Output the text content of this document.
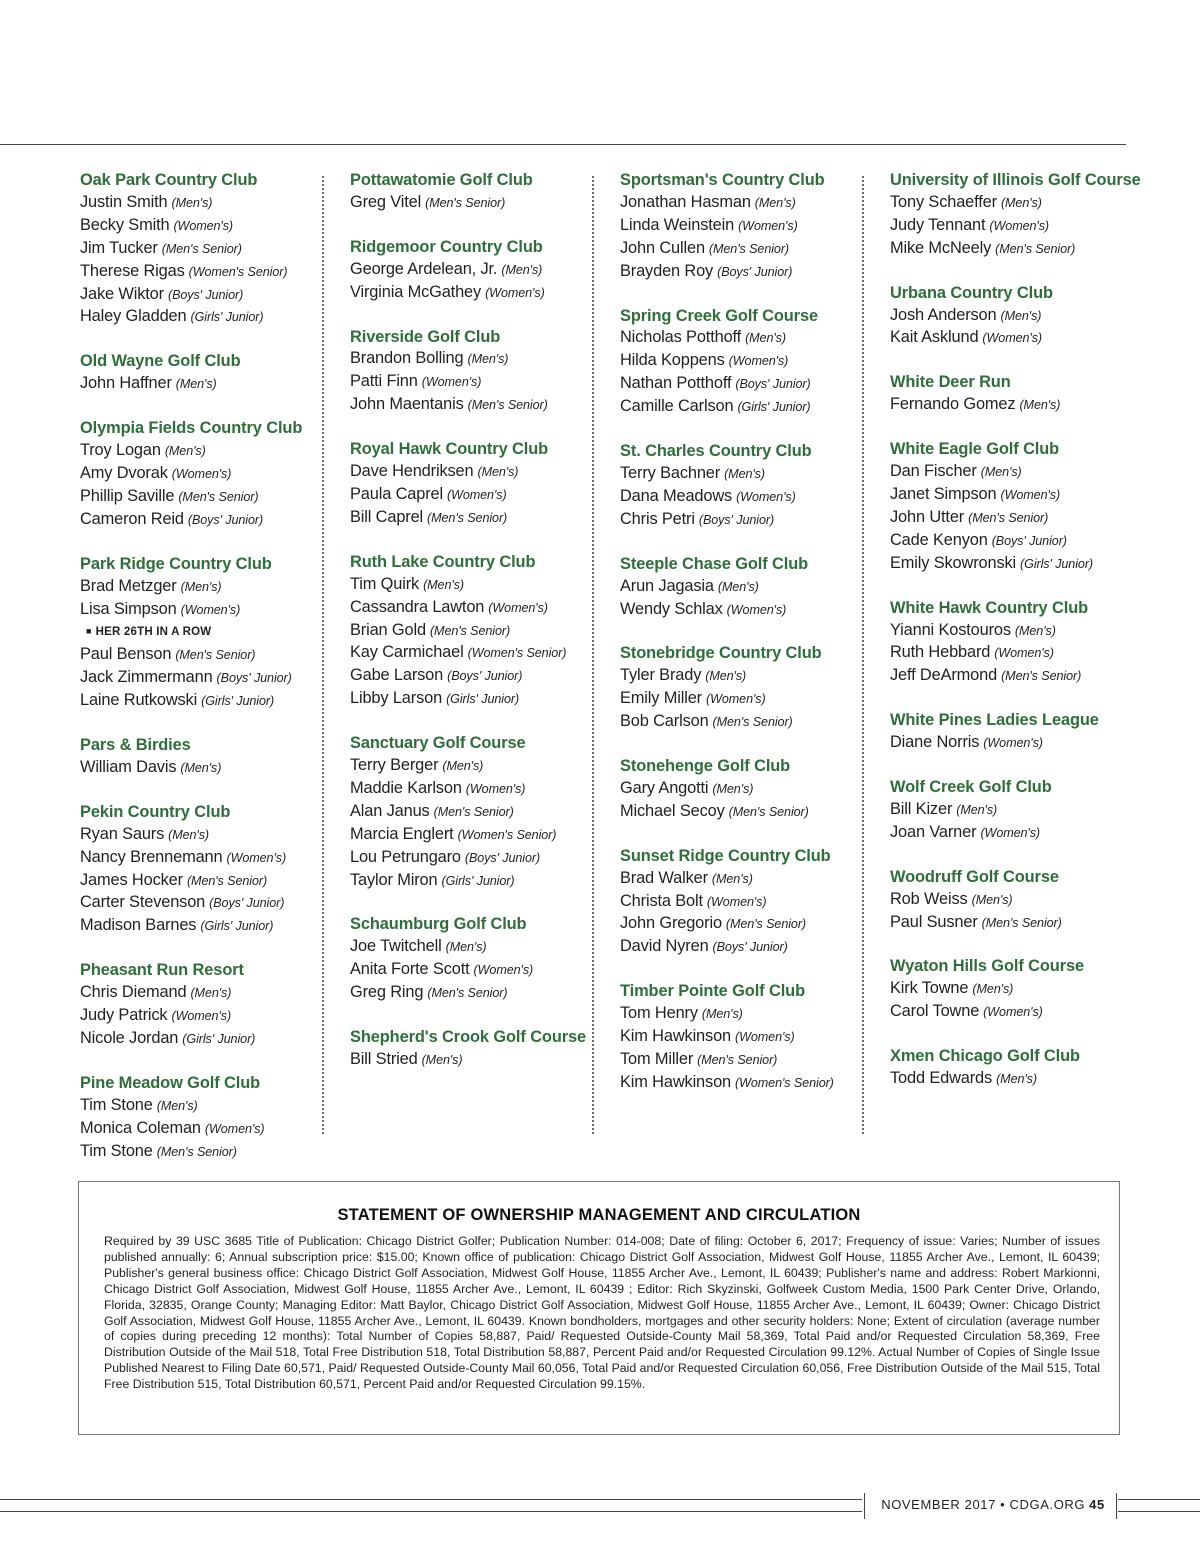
Oak Park Country Club
Justin Smith (Men's)
Becky Smith (Women's)
Jim Tucker (Men's Senior)
Therese Rigas (Women's Senior)
Jake Wiktor (Boys' Junior)
Haley Gladden (Girls' Junior)
Old Wayne Golf Club
John Haffner (Men's)
Olympia Fields Country Club
Troy Logan (Men's)
Amy Dvorak (Women's)
Phillip Saville (Men's Senior)
Cameron Reid (Boys' Junior)
Park Ridge Country Club
Brad Metzger (Men's)
Lisa Simpson (Women's)
■ HER 26TH IN A ROW
Paul Benson (Men's Senior)
Jack Zimmermann (Boys' Junior)
Laine Rutkowski (Girls' Junior)
Pars & Birdies
William Davis (Men's)
Pekin Country Club
Ryan Saurs (Men's)
Nancy Brennemann (Women's)
James Hocker (Men's Senior)
Carter Stevenson (Boys' Junior)
Madison Barnes (Girls' Junior)
Pheasant Run Resort
Chris Diemand (Men's)
Judy Patrick (Women's)
Nicole Jordan (Girls' Junior)
Pine Meadow Golf Club
Tim Stone (Men's)
Monica Coleman (Women's)
Tim Stone (Men's Senior)
Pottawatomie Golf Club
Greg Vitel (Men's Senior)
Ridgemoor Country Club
George Ardelean, Jr. (Men's)
Virginia McGathey (Women's)
Riverside Golf Club
Brandon Bolling (Men's)
Patti Finn (Women's)
John Maentanis (Men's Senior)
Royal Hawk Country Club
Dave Hendriksen (Men's)
Paula Caprel (Women's)
Bill Caprel (Men's Senior)
Ruth Lake Country Club
Tim Quirk (Men's)
Cassandra Lawton (Women's)
Brian Gold (Men's Senior)
Kay Carmichael (Women's Senior)
Gabe Larson (Boys' Junior)
Libby Larson (Girls' Junior)
Sanctuary Golf Course
Terry Berger (Men's)
Maddie Karlson (Women's)
Alan Janus (Men's Senior)
Marcia Englert (Women's Senior)
Lou Petrungaro (Boys' Junior)
Taylor Miron (Girls' Junior)
Schaumburg Golf Club
Joe Twitchell (Men's)
Anita Forte Scott (Women's)
Greg Ring (Men's Senior)
Shepherd's Crook Golf Course
Bill Stried (Men's)
Sportsman's Country Club
Jonathan Hasman (Men's)
Linda Weinstein (Women's)
John Cullen (Men's Senior)
Brayden Roy (Boys' Junior)
Spring Creek Golf Course
Nicholas Potthoff (Men's)
Hilda Koppens (Women's)
Nathan Potthoff (Boys' Junior)
Camille Carlson (Girls' Junior)
St. Charles Country Club
Terry Bachner (Men's)
Dana Meadows (Women's)
Chris Petri (Boys' Junior)
Steeple Chase Golf Club
Arun Jagasia (Men's)
Wendy Schlax (Women's)
Stonebridge Country Club
Tyler Brady (Men's)
Emily Miller (Women's)
Bob Carlson (Men's Senior)
Stonehenge Golf Club
Gary Angotti (Men's)
Michael Secoy (Men's Senior)
Sunset Ridge Country Club
Brad Walker (Men's)
Christa Bolt (Women's)
John Gregorio (Men's Senior)
David Nyren (Boys' Junior)
Timber Pointe Golf Club
Tom Henry (Men's)
Kim Hawkinson (Women's)
Tom Miller (Men's Senior)
Kim Hawkinson (Women's Senior)
University of Illinois Golf Course
Tony Schaeffer (Men's)
Judy Tennant (Women's)
Mike McNeely (Men's Senior)
Urbana Country Club
Josh Anderson (Men's)
Kait Asklund (Women's)
White Deer Run
Fernando Gomez (Men's)
White Eagle Golf Club
Dan Fischer (Men's)
Janet Simpson (Women's)
John Utter (Men's Senior)
Cade Kenyon (Boys' Junior)
Emily Skowronski (Girls' Junior)
White Hawk Country Club
Yianni Kostouros (Men's)
Ruth Hebbard (Women's)
Jeff DeArmond (Men's Senior)
White Pines Ladies League
Diane Norris (Women's)
Wolf Creek Golf Club
Bill Kizer (Men's)
Joan Varner (Women's)
Woodruff Golf Course
Rob Weiss (Men's)
Paul Susner (Men's Senior)
Wyaton Hills Golf Course
Kirk Towne (Men's)
Carol Towne (Women's)
Xmen Chicago Golf Club
Todd Edwards (Men's)
STATEMENT OF OWNERSHIP MANAGEMENT AND CIRCULATION
Required by 39 USC 3685 Title of Publication: Chicago District Golfer; Publication Number: 014-008; Date of filing: October 6, 2017; Frequency of issue: Varies; Number of issues published annually: 6; Annual subscription price: $15.00; Known office of publication: Chicago District Golf Association, Midwest Golf House, 11855 Archer Ave., Lemont, IL 60439; Publisher's general business office: Chicago District Golf Association, Midwest Golf House, 11855 Archer Ave., Lemont, IL 60439; Publisher's name and address: Robert Markionni, Chicago District Golf Association, Midwest Golf House, 11855 Archer Ave., Lemont, IL 60439 ; Editor: Rich Skyzinski, Golfweek Custom Media, 1500 Park Center Drive, Orlando, Florida, 32835, Orange County; Managing Editor: Matt Baylor, Chicago District Golf Association, Midwest Golf House, 11855 Archer Ave., Lemont, IL 60439; Owner: Chicago District Golf Association, Midwest Golf House, 11855 Archer Ave., Lemont, IL 60439. Known bondholders, mortgages and other security holders: None; Extent of circulation (average number of copies during preceding 12 months): Total Number of Copies 58,887, Paid/ Requested Outside-County Mail 58,369, Total Paid and/or Requested Circulation 58,369, Free Distribution Outside of the Mail 518, Total Free Distribution 518, Total Distribution 58,887, Percent Paid and/or Requested Circulation 99.12%. Actual Number of Copies of Single Issue Published Nearest to Filing Date 60,571, Paid/ Requested Outside-County Mail 60,056, Total Paid and/or Requested Circulation 60,056, Free Distribution Outside of the Mail 515, Total Free Distribution 515, Total Distribution 60,571, Percent Paid and/or Requested Circulation 99.15%.
NOVEMBER 2017 • CDGA.ORG 45
